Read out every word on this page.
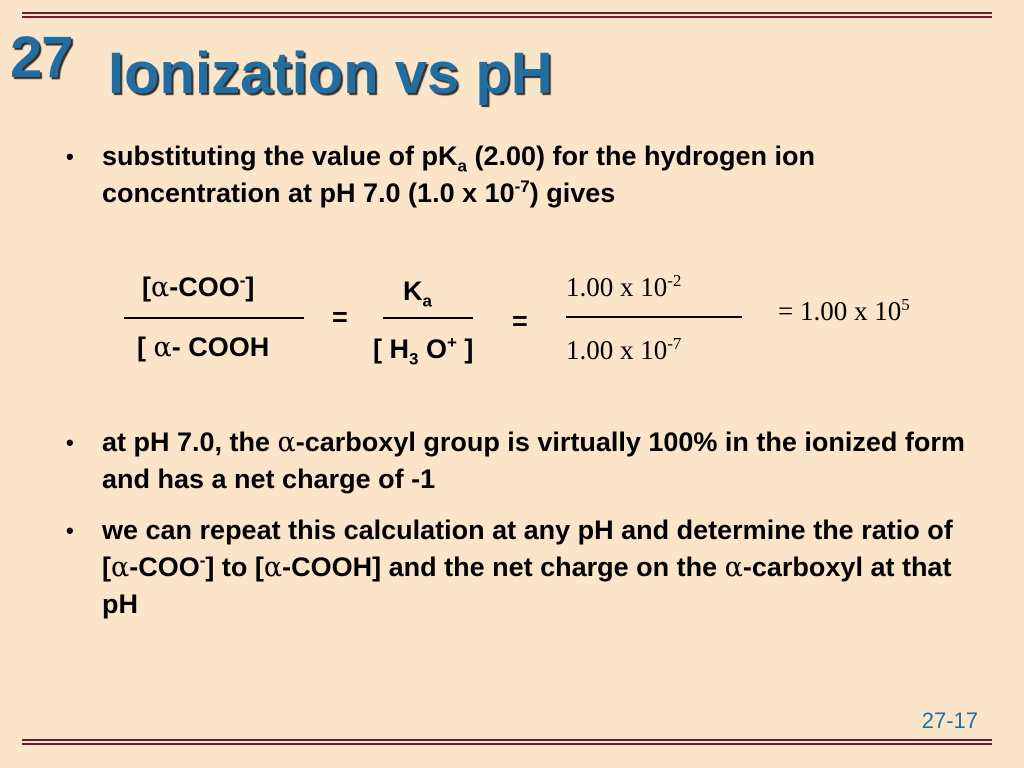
27 Ionization vs pH
• substituting the value of $pK_a$ (2.00) for the hydrogen ion concentration at pH 7.0 (1.0 x $10^{-7}$) gives
[α-COO-]
[ α- COOH
=
$K_a$
[ $H_3$ O+ ]
=
1.00 x $10^{-2}$
1.00 x $10^{-7}$
= 1.00 x $10^5$
• at pH 7.0, the α-carboxyl group is virtually 100% in the ionized form and has a net charge of -1
• we can repeat this calculation at any pH and determine the ratio of [α-COO-] to [α-COOH] and the net charge on the α-carboxyl at that pH
27-17
